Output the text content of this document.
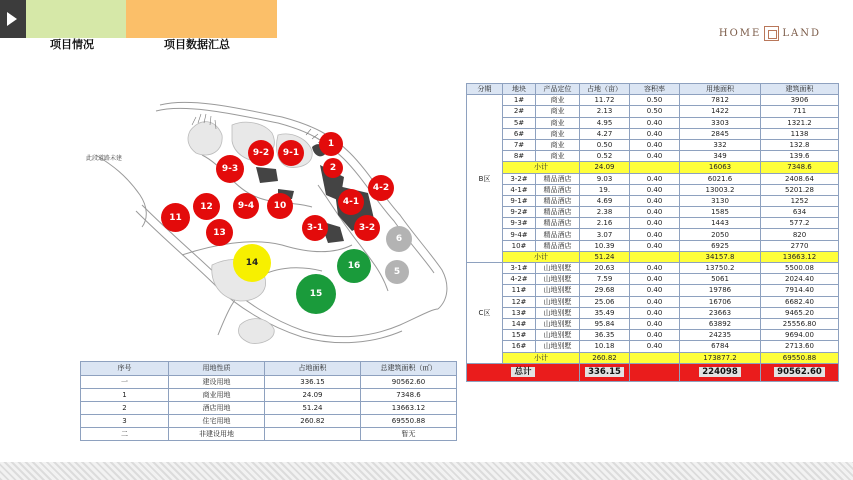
项目情况	项目数据汇总
HOME LAND
此段道路未建
1
2
9-2	9-1
9-3
4-2
4-1
11
12
13
9-4	10
3-1	3-2
6
5
14	16
15
分期	地块	产品定位	占地（亩）	容积率	用地面积	建筑面积
B区	1#	商业	11.72	0.50	7812	3906
	2#	商业	2.13	0.50	1422	711
	5#	商业	4.95	0.40	3303	1321.2
	6#	商业	4.27	0.40	2845	1138
	7#	商业	0.50	0.40	332	132.8
	8#	商业	0.52	0.40	349	139.6
	小计		24.09		16063	7348.6
	3-2#	精品酒店	9.03	0.40	6021.6	2408.64
	4-1#	精品酒店	19.	0.40	13003.2	5201.28
	9-1#	精品酒店	4.69	0.40	3130	1252
	9-2#	精品酒店	2.38	0.40	1585	634
	9-3#	精品酒店	2.16	0.40	1443	577.2
	9-4#	精品酒店	3.07	0.40	2050	820
	10#	精品酒店	10.39	0.40	6925	2770
	小计		51.24		34157.8	13663.12
C区	3-1#	山地别墅	20.63	0.40	13750.2	5500.08
	4-2#	山地别墅	7.59	0.40	5061	2024.40
	11#	山地别墅	29.68	0.40	19786	7914.40
	12#	山地别墅	25.06	0.40	16706	6682.40
	13#	山地别墅	35.49	0.40	23663	9465.20
	14#	山地别墅	95.84	0.40	63892	25556.80
	15#	山地别墅	36.35	0.40	24235	9694.00
	16#	山地别墅	10.18	0.40	6784	2713.60
	小计		260.82		173877.2	69550.88
总计			336.15		224098	90562.60
序号	用地性质	占地面积	总建筑面积（㎡）
一	建设用地	336.15	90562.60
1	商业用地	24.09	7348.6
2	酒店用地	51.24	13663.12
3	住宅用地	260.82	69550.88
二	非建设用地		暂无
